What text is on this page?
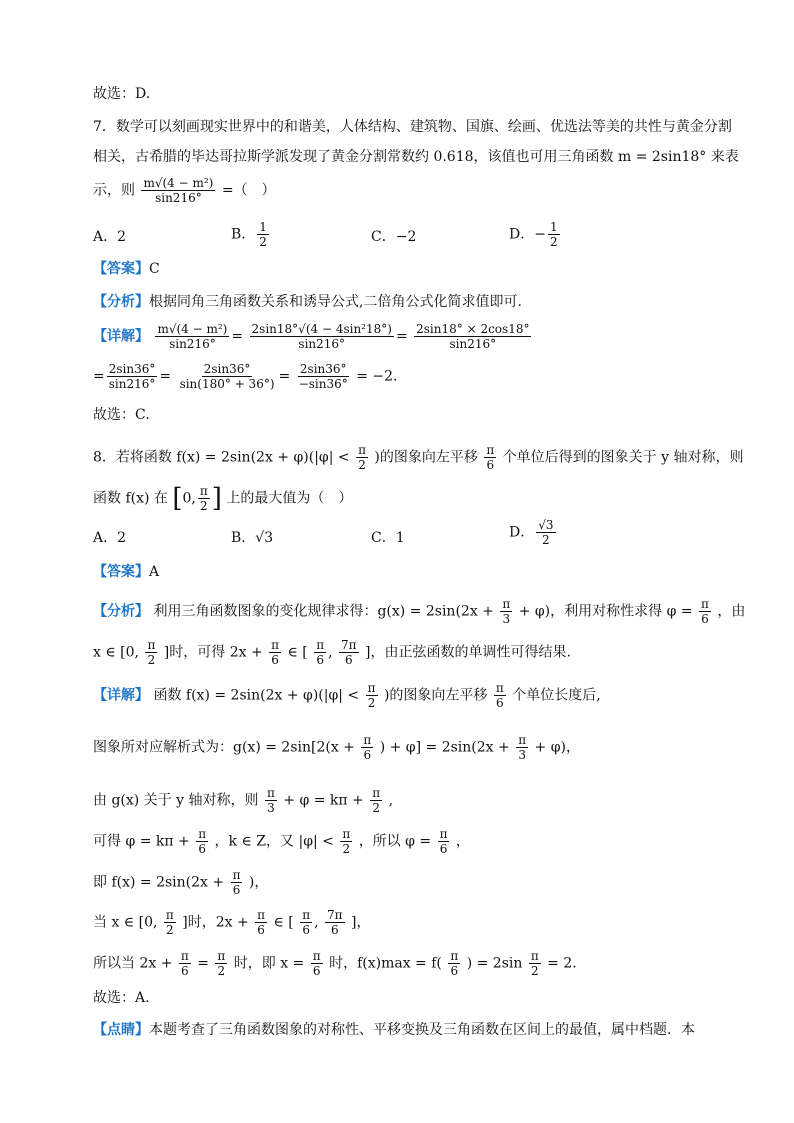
故选：D.
7．数学可以刻画现实世界中的和谐美，人体结构、建筑物、国旗、绘画、优选法等美的共性与黄金分割
相关，古希腊的毕达哥拉斯学派发现了黄金分割常数约 0.618，该值也可用三角函数 m = 2sin18° 来表
示，则 $\frac{\text{m√(4 − m²)}}{\sin 216^\circ}$ =（　）
A．2	B． $\frac{1}{2}$	C．−2	D．− $\frac{1}{2}$
【答案】C
【分析】根据同角三角函数关系和诱导公式,二倍角公式化简求值即可.
【详解】 $\frac{\text{m√(4 − m²)}}{\sin 216^\circ} = \frac{\text{2sin18°√(4 − 4sin²18°)}}{\sin 216^\circ} = \frac{2\sin 18^\circ \times 2\cos 18^\circ}{\sin 216^\circ}$
= $\frac{2\sin 36^\circ}{\sin 216^\circ} = \frac{2\sin 36^\circ}{\sin(180^\circ + 36^\circ)} = \frac{2\sin 36^\circ}{-\sin 36^\circ} = -2$.
故选：C.
8．若将函数 $f(x) = 2\sin(2x + \varphi)(|\varphi| < \frac{\pi}{2}$ )的图象向左平移 $\frac{\pi}{6}$ 个单位后得到的图象关于 y 轴对称，则
函数 f(x) 在 [0, $\frac{\pi}{2}$ ] 上的最大值为（　）
A．2	B．√3	C．1	D． $\frac{√3}{2}$
【答案】A
【分析】 利用三角函数图象的变化规律求得：$g(x) = 2\sin(2x + \frac{\pi}{3} + \varphi)$，利用对称性求得 $\varphi = \frac{\pi}{6}$ ，由
x ∈ [0, $\frac{\pi}{2}$ ]时，可得 $2x + \frac{\pi}{6}$ ∈ [ $\frac{\pi}{6}$ , $\frac{7\pi}{6}$ ]，由正弦函数的单调性可得结果.
【详解】 函数 $f(x) = 2\sin(2x + \varphi)(|\varphi| < \frac{\pi}{2}$ )的图象向左平移 $\frac{\pi}{6}$ 个单位长度后,
图象所对应解析式为：$g(x) = 2\sin[2(x + \frac{\pi}{6}$ ) + $\varphi] = 2\sin(2x + \frac{\pi}{3} + \varphi)$，
由 g(x) 关于 y 轴对称，则 $\frac{\pi}{3} + \varphi = k\pi + \frac{\pi}{2}$ ,
可得 $\varphi = k\pi + \frac{\pi}{6}$ ，k ∈ Z，又 $|\varphi| < \frac{\pi}{2}$ ，所以 $\varphi = \frac{\pi}{6}$ ，
即 $f(x) = 2\sin(2x + \frac{\pi}{6}$ )，
当 x ∈ [0, $\frac{\pi}{2}$ ]时，$2x + \frac{\pi}{6}$ ∈ [ $\frac{\pi}{6}$ , $\frac{7\pi}{6}$ ]，
所以当 $2x + \frac{\pi}{6} = \frac{\pi}{2}$ 时，即 $x = \frac{\pi}{6}$ 时，$f(x)\max = f( \frac{\pi}{6}$ ) = $2\sin \frac{\pi}{2} = 2$.
故选：A.
【点睛】本题考查了三角函数图象的对称性、平移变换及三角函数在区间上的最值，属中档题．本
